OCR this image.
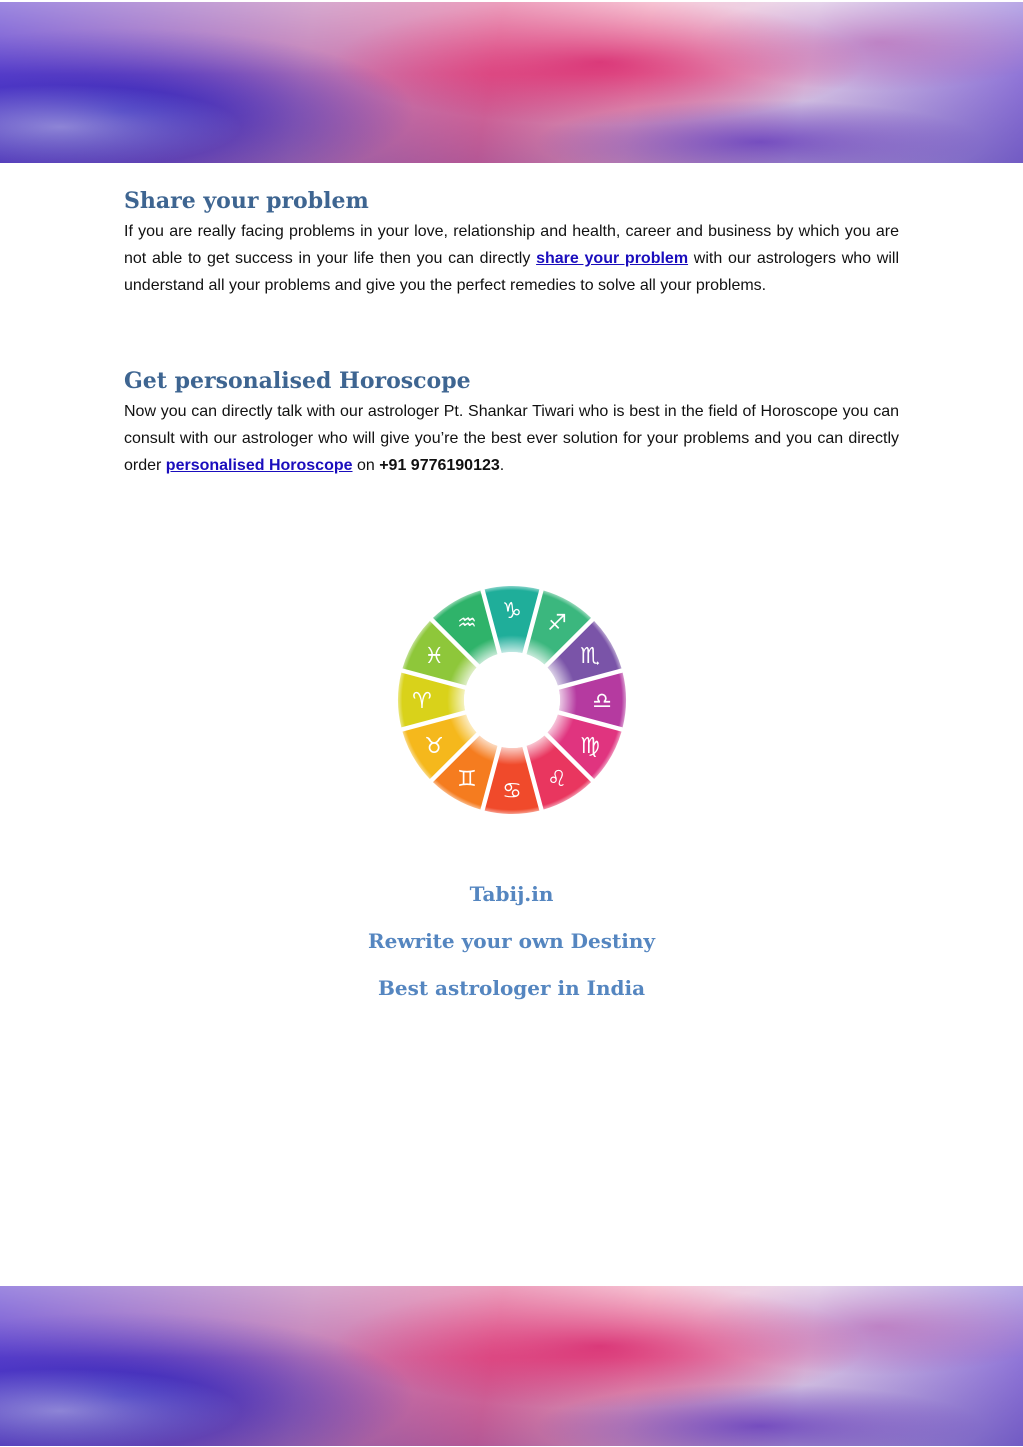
Share your problem

If you are really facing problems in your love, relationship and health, career and business by which you are not able to get success in your life then you can directly share your problem with our astrologers who will understand all your problems and give you the perfect remedies to solve all your problems.

Get personalised Horoscope

Now you can directly talk with our astrologer Pt. Shankar Tiwari who is best in the field of Horoscope you can consult with our astrologer who will give you’re the best ever solution for your problems and you can directly order personalised Horoscope on +91 9776190123.

Tabij.in
Rewrite your own Destiny
Best astrologer in India
